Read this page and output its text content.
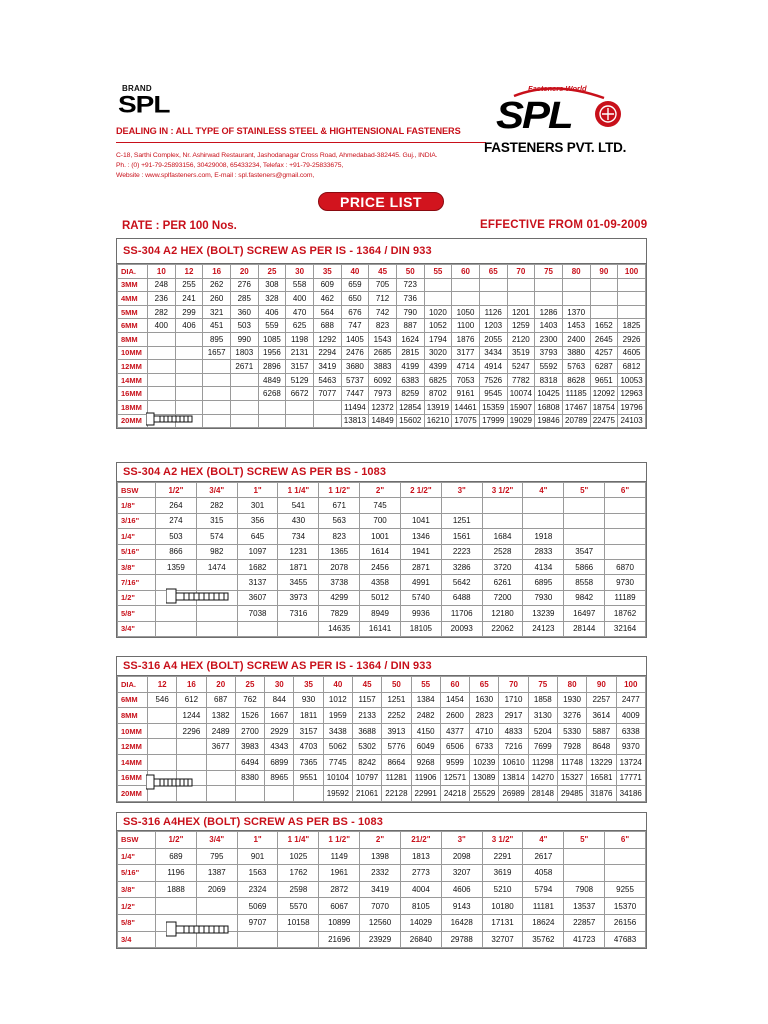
BRAND
SPL
DEALING IN : ALL TYPE OF STAINLESS STEEL & HIGHTENSIONAL FASTENERS
C-18, Sarthi Complex, Nr. Ashirwad Restaurant, Jashodanagar Cross Road, Ahmedabad-382445. Guj., INDIA.
Ph. : (0) +91-79-25893156, 30429008, 65433234, Telefax : +91-79-25833675,
Website : www.splfasteners.com, E-mail : spl.fasteners@gmail.com,
Fasteners World
SPL
FASTENERS PVT. LTD.
PRICE LIST
RATE : PER 100 Nos.	EFFECTIVE FROM 01-09-2009
SS-304 A2 HEX (BOLT) SCREW AS PER IS - 1364 / DIN 933
DIA.	10	12	16	20	25	30	35	40	45	50	55	60	65	70	75	80	90	100
3MM	248	255	262	276	308	558	609	659	705	723								
4MM	236	241	260	285	328	400	462	650	712	736								
5MM	282	299	321	360	406	470	564	676	742	790	1020	1050	1126	1201	1286	1370		
6MM	400	406	451	503	559	625	688	747	823	887	1052	1100	1203	1259	1403	1453	1652	1825
8MM			895	990	1085	1198	1292	1405	1543	1624	1794	1876	2055	2120	2300	2400	2645	2926
10MM			1657	1803	1956	2131	2294	2476	2685	2815	3020	3177	3434	3519	3793	3880	4257	4605
12MM				2671	2896	3157	3419	3680	3883	4199	4399	4714	4914	5247	5592	5763	6287	6812
14MM					4849	5129	5463	5737	6092	6383	6825	7053	7526	7782	8318	8628	9651	10053
16MM					6268	6672	7077	7447	7973	8259	8702	9161	9545	10074	10425	11185	12092	12963
18MM								11494	12372	12854	13919	14461	15359	15907	16808	17467	18754	19796
20MM								13813	14849	15602	16210	17075	17999	19029	19846	20789	22475	24103
SS-304 A2 HEX (BOLT) SCREW AS PER BS - 1083
BSW	1/2"	3/4"	1"	1 1/4"	1 1/2"	2"	2 1/2"	3"	3 1/2"	4"	5"	6"
1/8"	264	282	301	541	671	745						
3/16"	274	315	356	430	563	700	1041	1251				
1/4"	503	574	645	734	823	1001	1346	1561	1684	1918		
5/16"	866	982	1097	1231	1365	1614	1941	2223	2528	2833	3547	
3/8"	1359	1474	1682	1871	2078	2456	2871	3286	3720	4134	5866	6870
7/16"			3137	3455	3738	4358	4991	5642	6261	6895	8558	9730
1/2"			3607	3973	4299	5012	5740	6488	7200	7930	9842	11189
5/8"			7038	7316	7829	8949	9936	11706	12180	13239	16497	18762
3/4"					14635	16141	18105	20093	22062	24123	28144	32164
SS-316 A4 HEX (BOLT) SCREW AS PER IS - 1364 / DIN 933
DIA.	12	16	20	25	30	35	40	45	50	55	60	65	70	75	80	90	100
6MM	546	612	687	762	844	930	1012	1157	1251	1384	1454	1630	1710	1858	1930	2257	2477
8MM		1244	1382	1526	1667	1811	1959	2133	2252	2482	2600	2823	2917	3130	3276	3614	4009
10MM		2296	2489	2700	2929	3157	3438	3688	3913	4150	4377	4710	4833	5204	5330	5887	6338
12MM			3677	3983	4343	4703	5062	5302	5776	6049	6506	6733	7216	7699	7928	8648	9370
14MM				6494	6899	7365	7745	8242	8664	9268	9599	10239	10610	11298	11748	13229	13724
16MM				8380	8965	9551	10104	10797	11281	11906	12571	13089	13814	14270	15327	16581	17771
20MM							19592	21061	22128	22991	24218	25529	26989	28148	29485	31876	34186
SS-316 A4HEX (BOLT) SCREW AS PER BS - 1083
BSW	1/2"	3/4"	1"	1 1/4"	1 1/2"	2"	21/2"	3"	3 1/2"	4"	5"	6"
1/4"	689	795	901	1025	1149	1398	1813	2098	2291	2617		
5/16"	1196	1387	1563	1762	1961	2332	2773	3207	3619	4058		
3/8"	1888	2069	2324	2598	2872	3419	4004	4606	5210	5794	7908	9255
1/2"			5069	5570	6067	7070	8105	9143	10180	11181	13537	15370
5/8"			9707	10158	10899	12560	14029	16428	17131	18624	22857	26156
3/4					21696	23929	26840	29788	32707	35762	41723	47683
